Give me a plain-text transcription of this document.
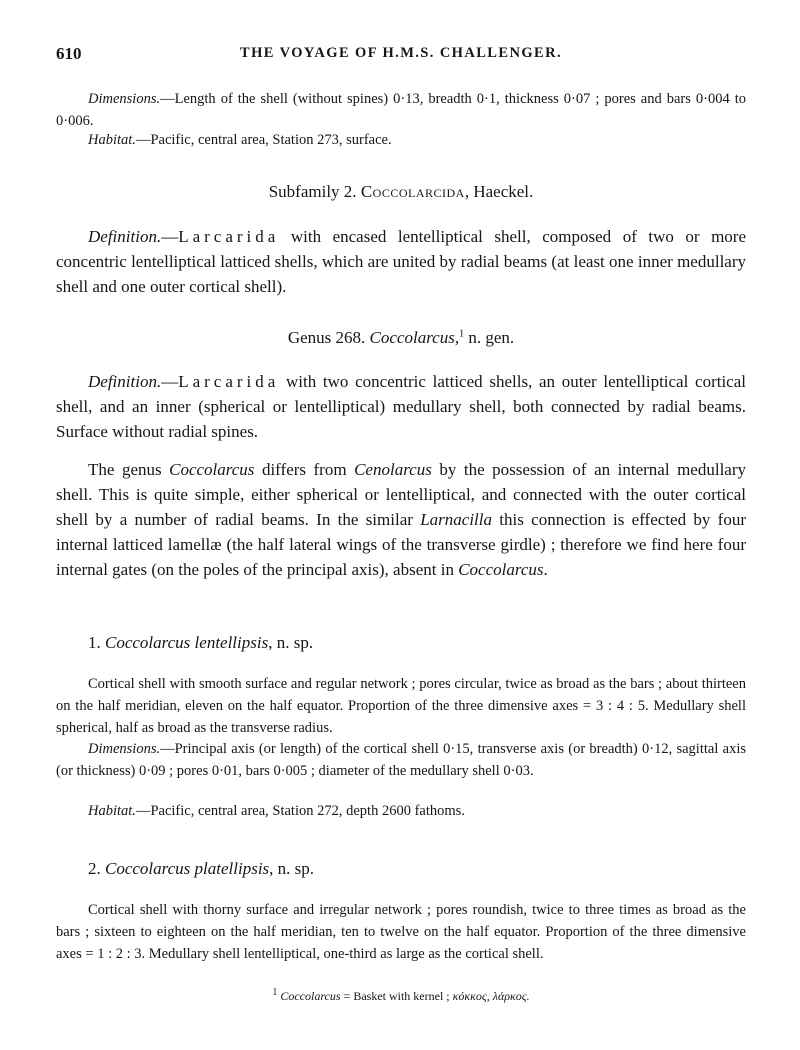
610	THE VOYAGE OF H.M.S. CHALLENGER.

Dimensions.—Length of the shell (without spines) 0·13, breadth 0·1, thickness 0·07 ; pores and bars 0·004 to 0·006.

Habitat.—Pacific, central area, Station 273, surface.

Subfamily 2. Coccolarcida, Haeckel.

Definition.—Larcarida with encased lentelliptical shell, composed of two or more concentric lentelliptical latticed shells, which are united by radial beams (at least one inner medullary shell and one outer cortical shell).

Genus 268. Coccolarcus,$^1$ n. gen.

Definition.—Larcarida with two concentric latticed shells, an outer lentelliptical cortical shell, and an inner (spherical or lentelliptical) medullary shell, both connected by radial beams. Surface without radial spines.

The genus Coccolarcus differs from Cenolarcus by the possession of an internal medullary shell. This is quite simple, either spherical or lentelliptical, and connected with the outer cortical shell by a number of radial beams. In the similar Larnacilla this connection is effected by four internal latticed lamellæ (the half lateral wings of the transverse girdle) ; therefore we find here four internal gates (on the poles of the principal axis), absent in Coccolarcus.

1. Coccolarcus lentellipsis, n. sp.

Cortical shell with smooth surface and regular network ; pores circular, twice as broad as the bars ; about thirteen on the half meridian, eleven on the half equator. Proportion of the three dimensive axes = 3 : 4 : 5. Medullary shell spherical, half as broad as the transverse radius.

Dimensions.—Principal axis (or length) of the cortical shell 0·15, transverse axis (or breadth) 0·12, sagittal axis (or thickness) 0·09 ; pores 0·01, bars 0·005 ; diameter of the medullary shell 0·03.

Habitat.—Pacific, central area, Station 272, depth 2600 fathoms.

2. Coccolarcus platellipsis, n. sp.

Cortical shell with thorny surface and irregular network ; pores roundish, twice to three times as broad as the bars ; sixteen to eighteen on the half meridian, ten to twelve on the half equator. Proportion of the three dimensive axes = 1 : 2 : 3. Medullary shell lentelliptical, one-third as large as the cortical shell.

$^1$ Coccolarcus = Basket with kernel ; κόκκος, λάρκος.
